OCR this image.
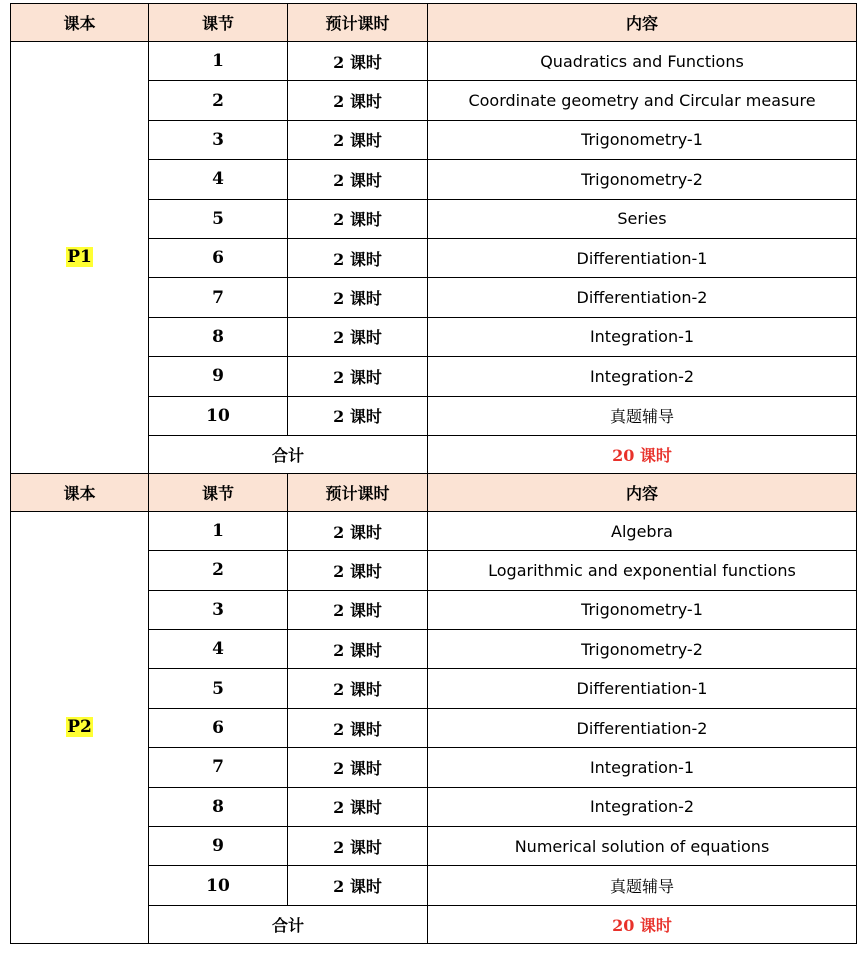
课本	课节	预计课时	内容
P1	1	2 课时	Quadratics and Functions
	2	2 课时	Coordinate geometry and Circular measure
	3	2 课时	Trigonometry-1
	4	2 课时	Trigonometry-2
	5	2 课时	Series
	6	2 课时	Differentiation-1
	7	2 课时	Differentiation-2
	8	2 课时	Integration-1
	9	2 课时	Integration-2
	10	2 课时	真题辅导
	合计		20 课时
课本	课节	预计课时	内容
P2	1	2 课时	Algebra
	2	2 课时	Logarithmic and exponential functions
	3	2 课时	Trigonometry-1
	4	2 课时	Trigonometry-2
	5	2 课时	Differentiation-1
	6	2 课时	Differentiation-2
	7	2 课时	Integration-1
	8	2 课时	Integration-2
	9	2 课时	Numerical solution of equations
	10	2 课时	真题辅导
	合计		20 课时
